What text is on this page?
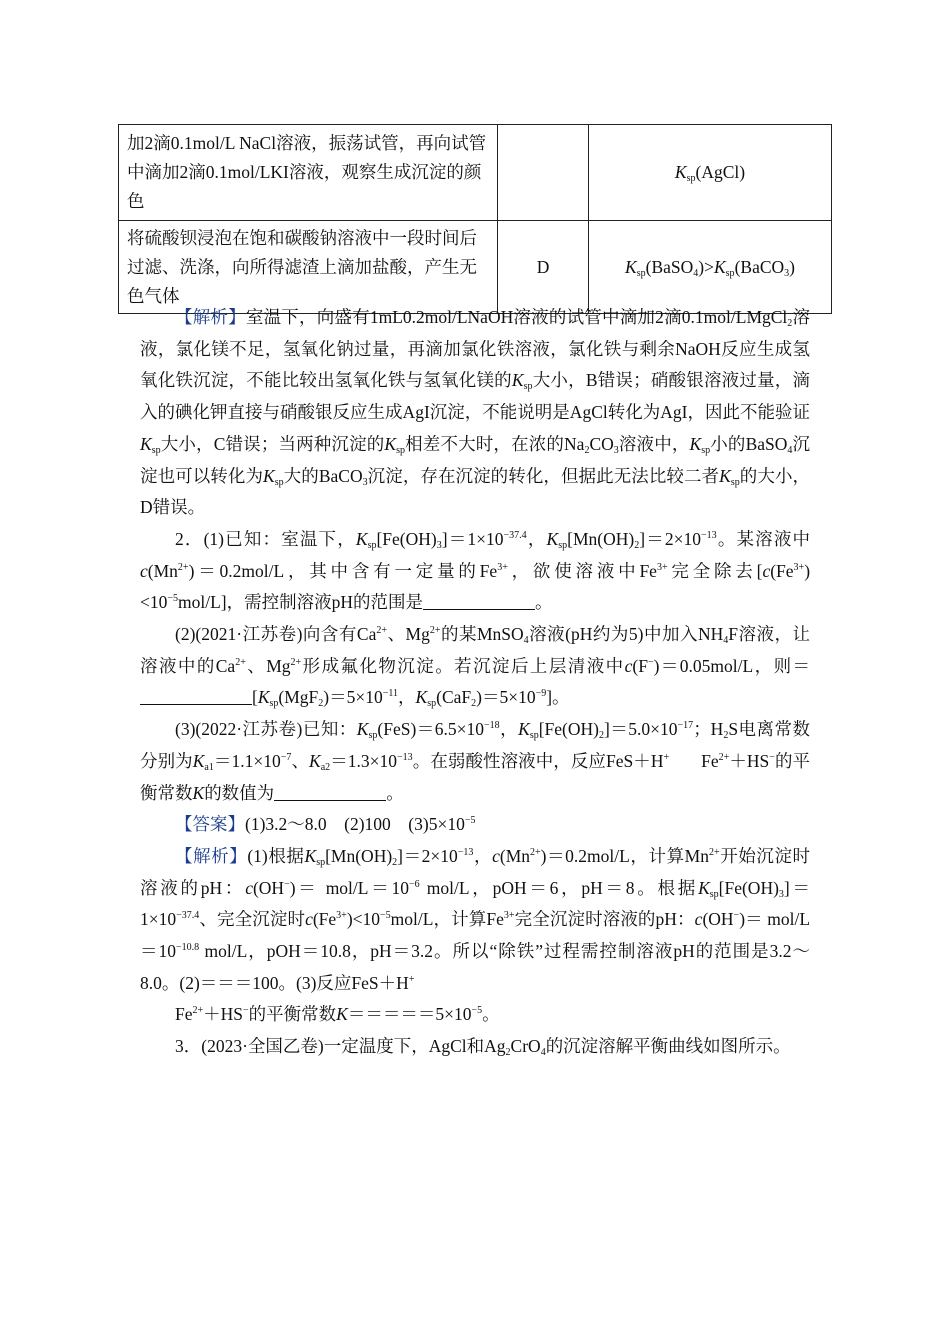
加2滴0.1mol/L NaCl溶液，振荡试管，再向试管中滴加2滴0.1mol/LKI溶液，观察生成沉淀的颜色		$K_{sp}(AgCl)$
将硫酸钡浸泡在饱和碳酸钠溶液中一段时间后过滤、洗涤，向所得滤渣上滴加盐酸，产生无色气体	D	$K_{sp}(BaSO_4)>K_{sp}(BaCO_3)$

【解析】室温下，向盛有1mL0.2mol/LNaOH溶液的试管中滴加2滴0.1mol/LMgCl$_2$溶液，氯化镁不足，氢氧化钠过量，再滴加氯化铁溶液，氯化铁与剩余NaOH反应生成氢氧化铁沉淀，不能比较出氢氧化铁与氢氧化镁的$K_{sp}$大小，B错误；硝酸银溶液过量，滴入的碘化钾直接与硝酸银反应生成AgI沉淀，不能说明是AgCl转化为AgI，因此不能验证$K_{sp}$大小，C错误；当两种沉淀的$K_{sp}$相差不大时，在浓的$Na_2CO_3$溶液中，$K_{sp}$小的BaSO$_4$沉淀也可以转化为$K_{sp}$大的BaCO$_3$沉淀，存在沉淀的转化，但据此无法比较二者$K_{sp}$的大小，D错误。

2．(1)已知：室温下，$K_{sp}[Fe(OH)_3]=1\times 10^{-37.4}$，$K_{sp}[Mn(OH)_2]=2\times 10^{-13}$。某溶液中$c(Mn^{2+})=0.2mol/L$，其中含有一定量的$Fe^{3+}$，欲使溶液中$Fe^{3+}$完全除去$[c(Fe^{3+})<10^{-5}mol/L]$，需控制溶液pH的范围是	。

(2)(2021·江苏卷)向含有$Ca^{2+}$、$Mg^{2+}$的某MnSO$_4$溶液(pH约为5)中加入$NH_4F$溶液，让溶液中的$Ca^{2+}$、$Mg^{2+}$形成氟化物沉淀。若沉淀后上层清液中c(F−)＝0.05mol/L，则$=[K_{sp}(MgF_2)=5\times 10^{-11}$，$K_{sp}(CaF_2)=5\times 10^{-9}$]。

(3)(2022·江苏卷)已知：$K_{sp}(FeS)=6.5\times 10^{-18}$，$K_{sp}[Fe(OH)_2]=5.0\times 10^{-17}$；$H_2S$电离常数分别为$K_{a1}=1.1\times 10^{-7}$、$K_{a2}=1.3\times 10^{-13}$。在弱酸性溶液中，反应FeS＋H+ $Fe^{2+}+HS^-$的平衡常数K的数值为	。

【答案】(1)3.2～8.0　(2)100　$(3)5\times 10^{-5}$

【解析】(1)根据$K_{sp}[Mn(OH)_2]=2\times 10^{-13}$，$c(Mn^{2+})=0.2mol/L$，计算$Mn^{2+}$开始沉淀时溶液的pH：c(OH−)＝ mol/$L=10^{-6}$ mol/L，pOH＝6，pH＝8。根据$K_{sp}[Fe(OH)_3]=1\times 10^{-37.4}$、完全沉淀时$c(Fe^{3+})<10^{-5}mol/L$，计算$Fe^{3+}$完全沉淀时溶液的pH：c(OH−)＝ mol/$L=10^{-10.8}$ mol/L，pOH＝10.8，pH＝3.2。所以“除铁”过程需控制溶液pH的范围是3.2～8.0。(2)＝＝＝100。(3)反应FeS＋H+
$Fe^{2+}+HS^-$的平衡常数$K=====5\times 10^{-5}$。

3．(2023·全国乙卷)一定温度下，AgCl和$Ag_2CrO_4$的沉淀溶解平衡曲线如图所示。
